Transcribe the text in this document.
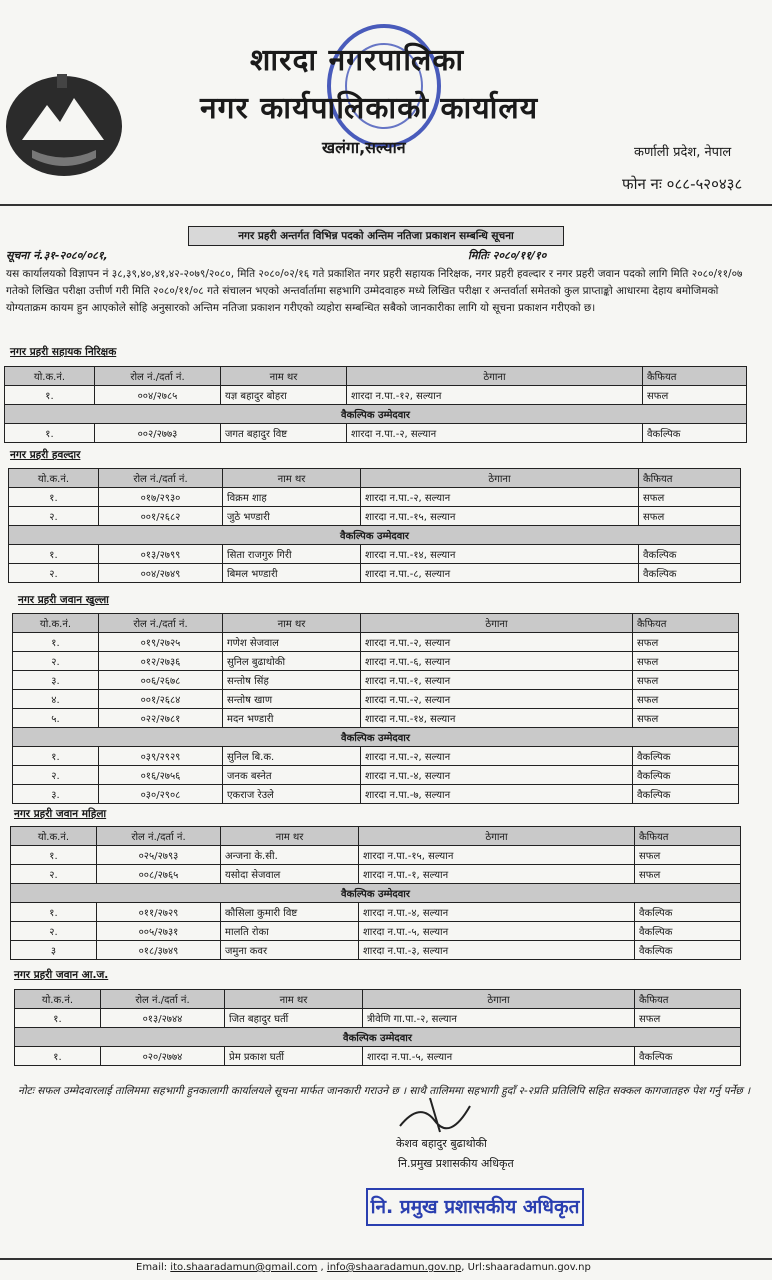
शारदा नगरपालिका
नगर कार्यपालिकाको कार्यालय
खलंगा,सल्यान	कर्णाली प्रदेश, नेपाल
फोन नः ०८८-५२०४३८
नगर प्रहरी अन्तर्गत विभिन्न पदको अन्तिम नतिजा प्रकाशन सम्बन्धि सूचना
सूचना नं.३१-२०८०/०८१,	मितिः २०८०/११/१०
यस कार्यालयको विज्ञापन नं ३८,३९,४०,४१,४२-२०७९/२०८०, मिति २०८०/०२/१६ गते प्रकाशित नगर प्रहरी सहायक निरिक्षक, नगर प्रहरी हवल्दार र नगर प्रहरी जवान पदको लागि मिति २०८०/११/०७ गतेको लिखित परीक्षा उत्तीर्ण गरी मिति २०८०/११/०८ गते संचालन भएको अन्तर्वार्तामा सहभागि उम्मेदवाहरु मध्ये लिखित परीक्षा र अन्तर्वार्ता समेतको कुल प्राप्ताङ्को आधारमा देहाय बमोजिमको योग्यताक्रम कायम हुन आएकोले सोहि अनुसारको अन्तिम नतिजा प्रकाशन गरीएको व्यहोरा सम्बन्धित सबैको जानकारीका लागि यो सूचना प्रकाशन गरीएको छ।
नगर प्रहरी सहायक निरिक्षक
नगर प्रहरी हवल्दार
नगर प्रहरी जवान खुल्ला
नगर प्रहरी जवान महिला
नगर प्रहरी जवान आ.ज.
यो.क.नं.	रोल नं./दर्ता नं.	नाम थर	ठेगाना	कैफियत
१.	००४/२७८५	यज्ञ बहादुर बोहरा	शारदा न.पा.-१२, सल्यान	सफल
वैकल्पिक उम्मेदवार				
१.	००२/२७७३	जगत बहादुर विष्ट	शारदा न.पा.-२, सल्यान	वैकल्पिक
यो.क.नं.	रोल नं./दर्ता नं.	नाम थर	ठेगाना	कैफियत
१.	०१७/२९३०	विक्रम शाह	शारदा न.पा.-२, सल्यान	सफल
२.	००१/२६८२	जुठे भण्डारी	शारदा न.पा.-१५, सल्यान	सफल
वैकल्पिक उम्मेदवार				
१.	०१३/२७९९	सिता राजगुरु गिरी	शारदा न.पा.-१४, सल्यान	वैकल्पिक
२.	००४/२७४९	बिमल भण्डारी	शारदा न.पा.-८, सल्यान	वैकल्पिक
यो.क.नं.	रोल नं./दर्ता नं.	नाम थर	ठेगाना	कैफियत
१.	०१९/२७२५	गणेश सेजवाल	शारदा न.पा.-२, सल्यान	सफल
२.	०१२/२७३६	सुनिल बुढाथोकी	शारदा न.पा.-६, सल्यान	सफल
३.	००६/२६७८	सन्तोष सिंह	शारदा न.पा.-१, सल्यान	सफल
४.	००१/२६८४	सन्तोष खाण	शारदा न.पा.-२, सल्यान	सफल
५.	०२२/२७८१	मदन भण्डारी	शारदा न.पा.-१४, सल्यान	सफल
वैकल्पिक उम्मेदवार				
१.	०३९/२९२९	सुनिल बि.क.	शारदा न.पा.-२, सल्यान	वैकल्पिक
२.	०१६/२७५६	जनक बस्नेत	शारदा न.पा.-४, सल्यान	वैकल्पिक
३.	०३०/२९०८	एकराज रेउले	शारदा न.पा.-७, सल्यान	वैकल्पिक
यो.क.नं.	रोल नं./दर्ता नं.	नाम थर	ठेगाना	कैफियत
१.	०२५/२७९३	अन्जना के.सी.	शारदा न.पा.-१५, सल्यान	सफल
२.	००८/२७६५	यसोदा सेजवाल	शारदा न.पा.-१, सल्यान	सफल
वैकल्पिक उम्मेदवार				
१.	०११/२७२९	कौसिला कुमारी विष्ट	शारदा न.पा.-४, सल्यान	वैकल्पिक
२.	००५/२७३१	मालति रोका	शारदा न.पा.-५, सल्यान	वैकल्पिक
३	०१८/३७४९	जमुना कवर	शारदा न.पा.-३, सल्यान	वैकल्पिक
यो.क.नं.	रोल नं./दर्ता नं.	नाम थर	ठेगाना	कैफियत
१.	०१३/२७४४	जित बहादुर घर्ती	त्रीवेणि गा.पा.-२, सल्यान	सफल
वैकल्पिक उम्मेदवार				
१.	०२०/२७७४	प्रेम प्रकाश घर्ती	शारदा न.पा.-५, सल्यान	वैकल्पिक
नोटः सफल उम्मेदवारलाई तालिममा सहभागी हुनकालागी कार्यालयले सूचना मार्फत जानकारी गराउने छ । साथै तालिममा सहभागी हुदाँ २-२प्रति प्रतिलिपि सहित सक्कल कागजातहरु पेश गर्नु पर्नेछ ।
केशव बहादुर बुढाथोकी
नि.प्रमुख प्रशासकीय अधिकृत
नि. प्रमुख प्रशासकीय अधिकृत
Email: ito.shaaradamun@gmail.com , info@shaaradamun.gov.np, Url:shaaradamun.gov.np
